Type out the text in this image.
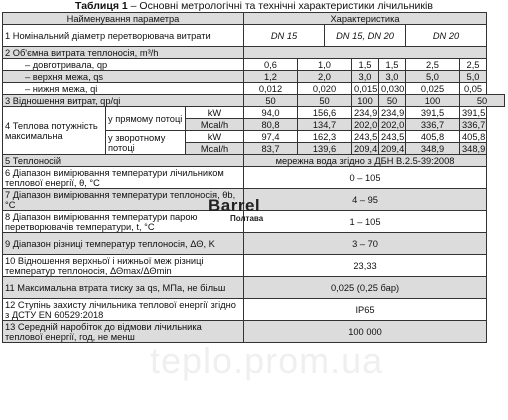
Таблиця 1 – Основні метрологічні та технічні характеристики лічильників
Найменування параметра			Характеристика						
1 Номінальний діаметр перетворювача витрати			DN 15		DN 15, DN 20			DN 20	
2 Об'ємна витрата теплоносія, m³/h									
– довготривала, qp			0,6	1,0		1,5	1,5	2,5	2,5
– верхня межа, qs			1,2	2,0		3,0	3,0	5,0	5,0
– нижня межа, qi			0,012	0,020		0,015	0,030	0,025	0,05
3 Відношення витрат, qp/qi			50	50		100	50	100	50
4 Теплова потужність максимальна	у прямому потоці	kW	94,0	156,6		234,9	234,9	391,5	391,5
		Mcal/h	80,8	134,7		202,0	202,0	336,7	336,7
	у зворотному потоці	kW	97,4	162,3		243,5	243,5	405,8	405,8
		Mcal/h	83,7	139,6		209,4	209,4	348,9	348,9
5 Теплоносій			мережна вода згідно з ДБН В.2.5-39:2008						
6 Діапазон вимірювання температури лічильником теплової енергії, θ, °C			0 – 105						
7 Діапазон вимірювання температури теплоносія, θb, °C			4 – 95						
8 Діапазон вимірювання температури парою перетворювачів температури, t, °C			1 – 105						
9 Діапазон різниці температур теплоносія, ΔΘ, K			3 – 70						
10 Відношення верхньої і нижньої меж різниці температур теплоносія, ΔΘmax/ΔΘmin			23,33						
11 Максимальна втрата тиску за qs, МПа, не більш			0,025 (0,25 бар)						
12 Ступінь захисту лічильника теплової енергії згідно з ДСТУ EN 60529:2018			IP65						
13 Середній наробіток до відмови лічильника теплової енергії, год, не менш			100 000						
Barrel
Полтава
teplo.prom.ua
